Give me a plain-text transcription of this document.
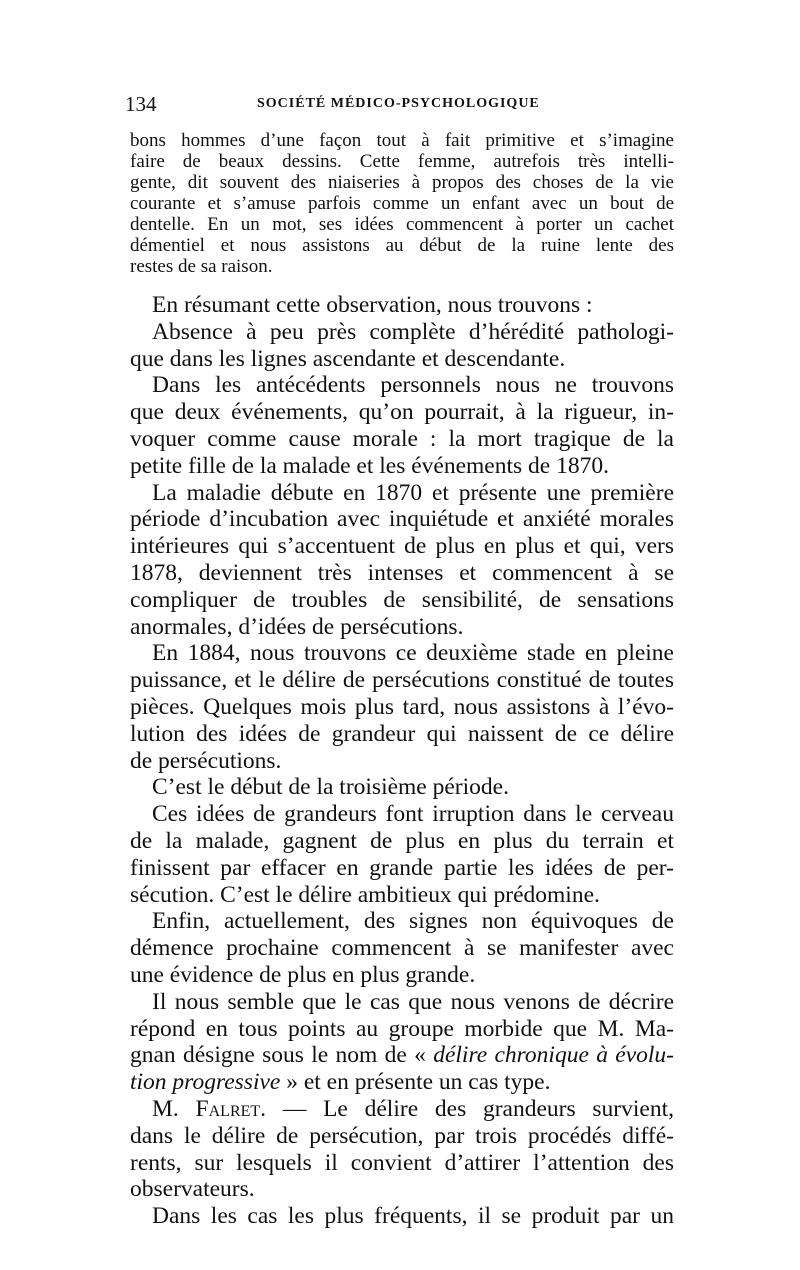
134	SOCIÉTÉ MÉDICO-PSYCHOLOGIQUE
bons hommes d’une façon tout à fait primitive et s’imagine
faire de beaux dessins. Cette femme, autrefois très intelli-
gente, dit souvent des niaiseries à propos des choses de la vie
courante et s’amuse parfois comme un enfant avec un bout de
dentelle. En un mot, ses idées commencent à porter un cachet
démentiel et nous assistons au début de la ruine lente des
restes de sa raison.
En résumant cette observation, nous trouvons :
Absence à peu près complète d’hérédité pathologi-
que dans les lignes ascendante et descendante.
Dans les antécédents personnels nous ne trouvons
que deux événements, qu’on pourrait, à la rigueur, in-
voquer comme cause morale : la mort tragique de la
petite fille de la malade et les événements de 1870.
La maladie débute en 1870 et présente une première
période d’incubation avec inquiétude et anxiété morales
intérieures qui s’accentuent de plus en plus et qui, vers
1878, deviennent très intenses et commencent à se
compliquer de troubles de sensibilité, de sensations
anormales, d’idées de persécutions.
En 1884, nous trouvons ce deuxième stade en pleine
puissance, et le délire de persécutions constitué de toutes
pièces. Quelques mois plus tard, nous assistons à l’évo-
lution des idées de grandeur qui naissent de ce délire
de persécutions.
C’est le début de la troisième période.
Ces idées de grandeurs font irruption dans le cerveau
de la malade, gagnent de plus en plus du terrain et
finissent par effacer en grande partie les idées de per-
sécution. C’est le délire ambitieux qui prédomine.
Enfin, actuellement, des signes non équivoques de
démence prochaine commencent à se manifester avec
une évidence de plus en plus grande.
Il nous semble que le cas que nous venons de décrire
répond en tous points au groupe morbide que M. Ma-
gnan désigne sous le nom de « délire chronique à évolu-
tion progressive » et en présente un cas type.
M. Falret. — Le délire des grandeurs survient,
dans le délire de persécution, par trois procédés diffé-
rents, sur lesquels il convient d’attirer l’attention des
observateurs.
Dans les cas les plus fréquents, il se produit par un
